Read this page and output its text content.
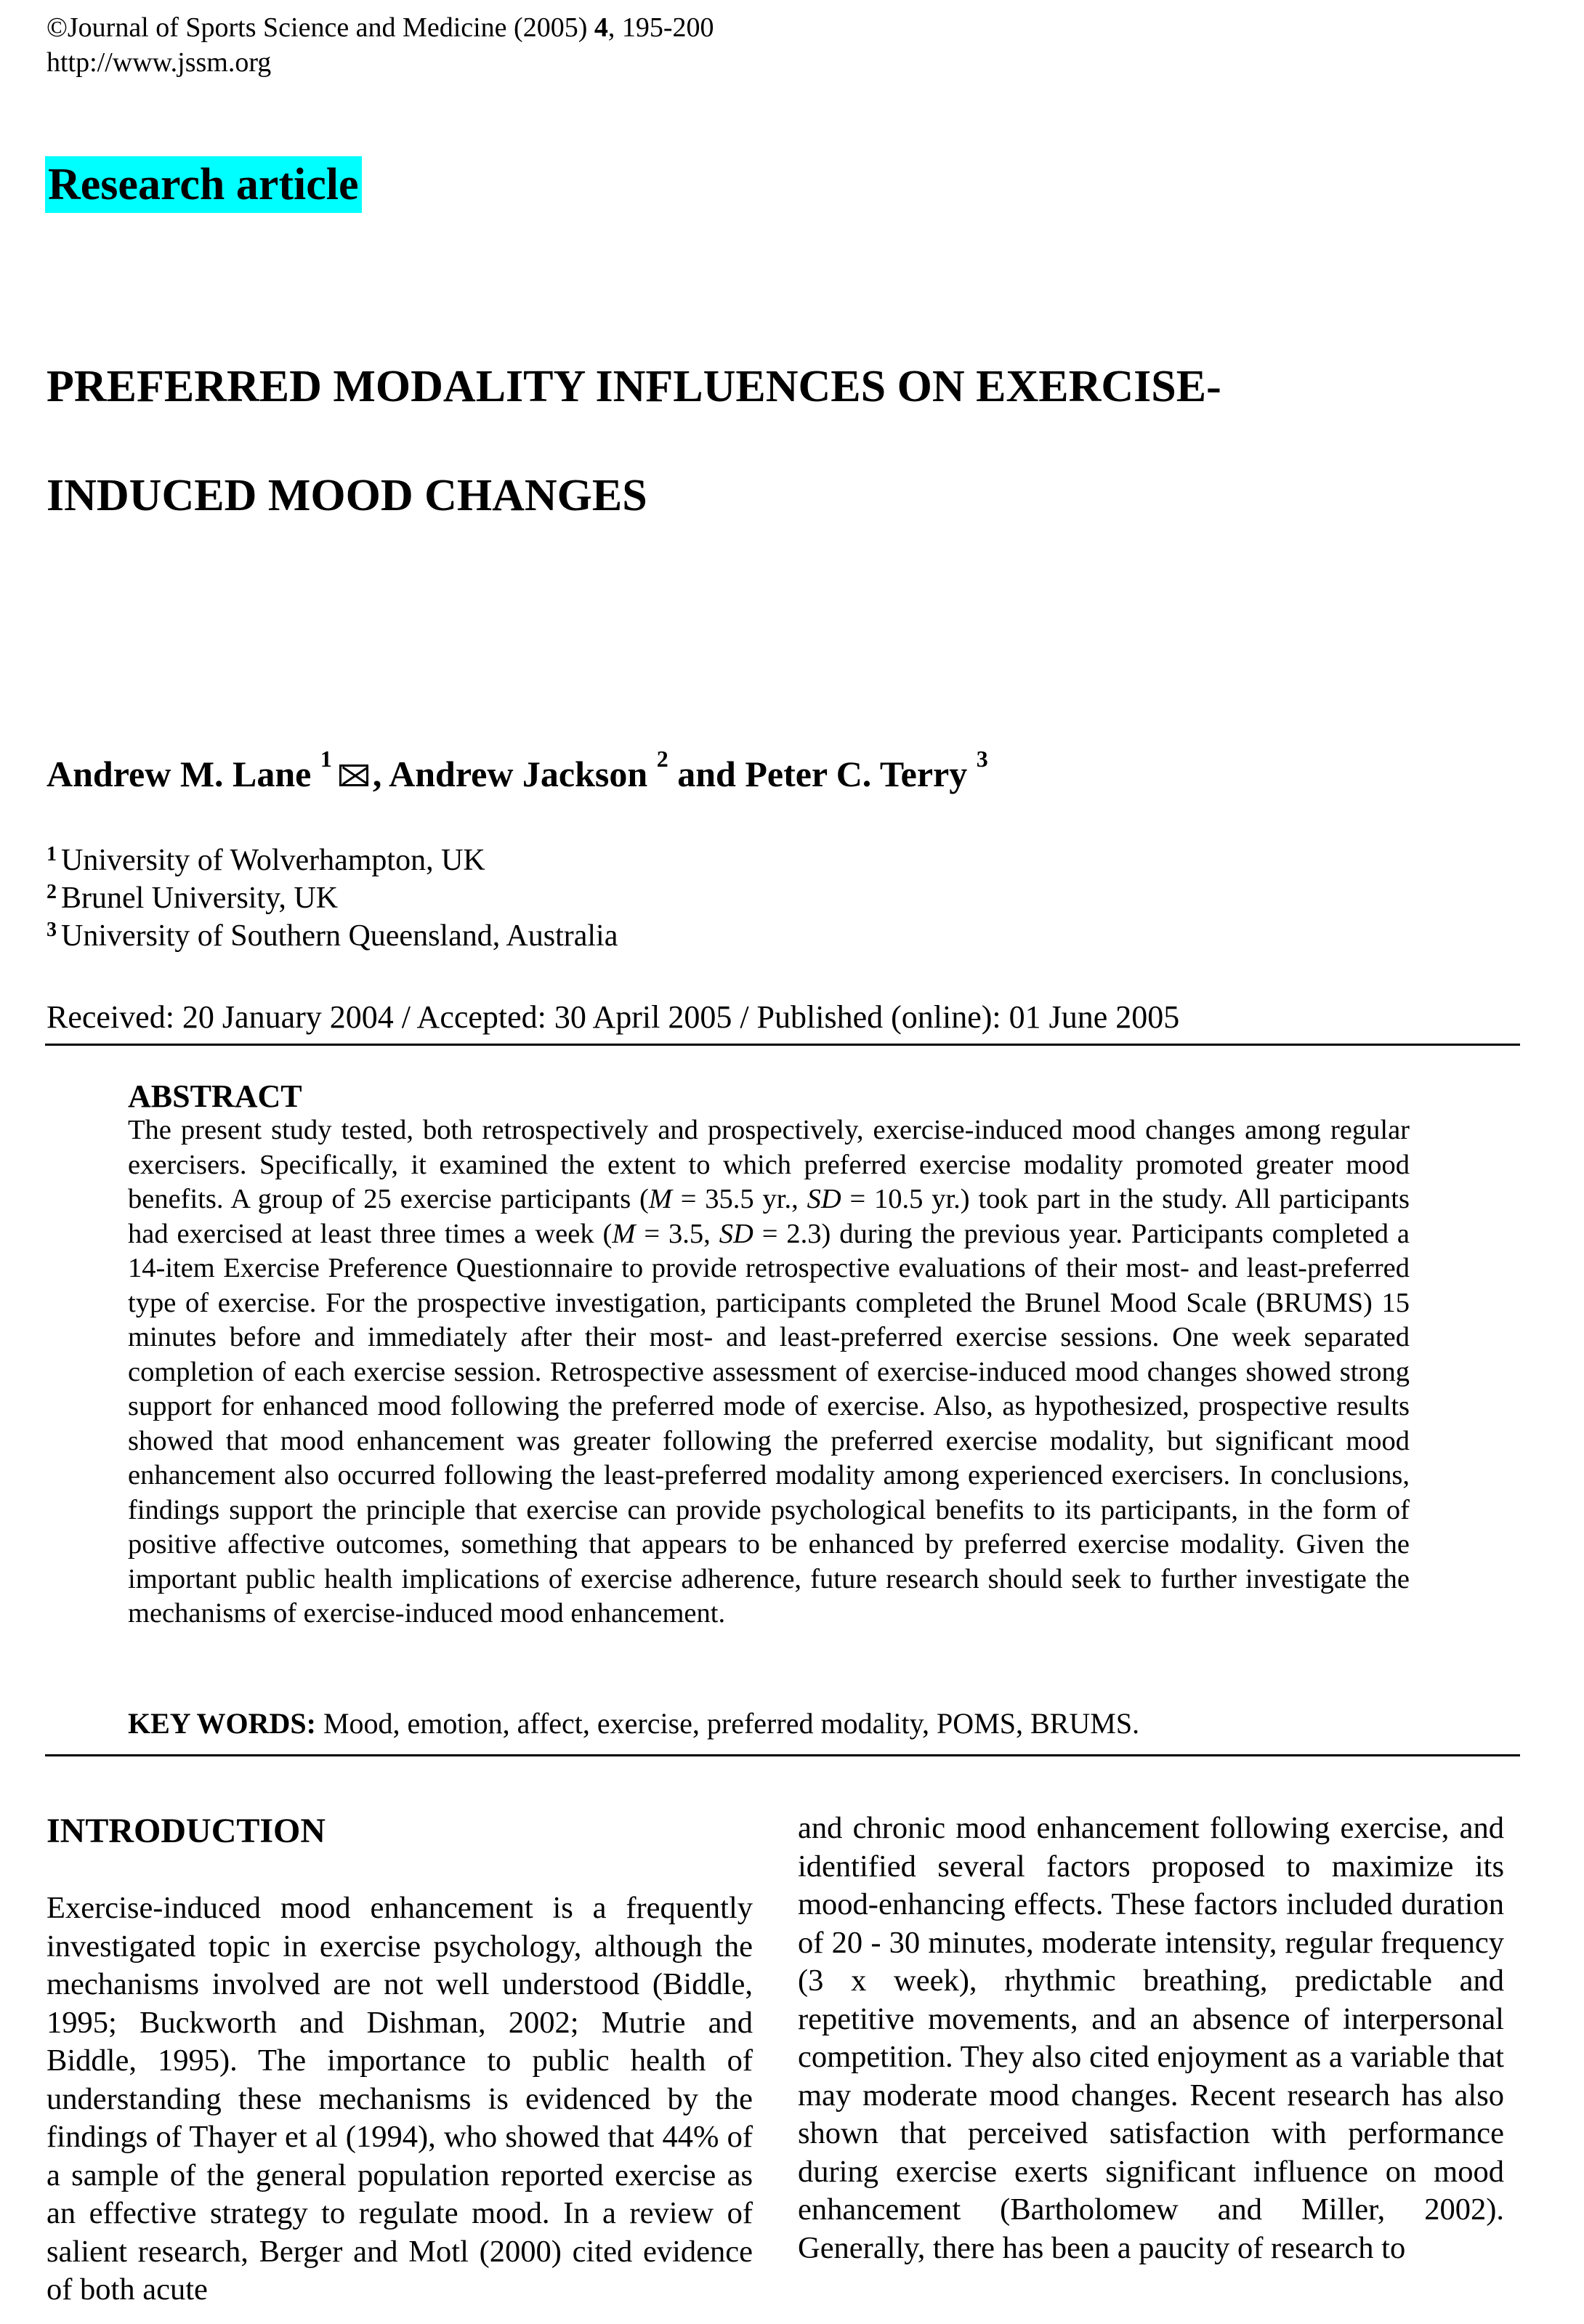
©Journal of Sports Science and Medicine (2005) 4, 195-200
http://www.jssm.org
Research article
PREFERRED MODALITY INFLUENCES ON EXERCISE-
INDUCED MOOD CHANGES
Andrew M. Lane $^1$ , Andrew Jackson $^2$ and Peter C. Terry $^3$
$^1$ University of Wolverhampton, UK
$^2$ Brunel University, UK
$^3$ University of Southern Queensland, Australia
Received: 20 January 2004 / Accepted: 30 April 2005 / Published (online): 01 June 2005
ABSTRACT
The present study tested, both retrospectively and prospectively, exercise-induced mood changes among regular exercisers. Specifically, it examined the extent to which preferred exercise modality promoted greater mood benefits. A group of 25 exercise participants (M = 35.5 yr., SD = 10.5 yr.) took part in the study. All participants had exercised at least three times a week (M = 3.5, SD = 2.3) during the previous year. Participants completed a 14-item Exercise Preference Questionnaire to provide retrospective evaluations of their most- and least-preferred type of exercise. For the prospective investigation, participants completed the Brunel Mood Scale (BRUMS) 15 minutes before and immediately after their most- and least-preferred exercise sessions. One week separated completion of each exercise session. Retrospective assessment of exercise-induced mood changes showed strong support for enhanced mood following the preferred mode of exercise. Also, as hypothesized, prospective results showed that mood enhancement was greater following the preferred exercise modality, but significant mood enhancement also occurred following the least-preferred modality among experienced exercisers. In conclusions, findings support the principle that exercise can provide psychological benefits to its participants, in the form of positive affective outcomes, something that appears to be enhanced by preferred exercise modality. Given the important public health implications of exercise adherence, future research should seek to further investigate the mechanisms of exercise-induced mood enhancement.
KEY WORDS: Mood, emotion, affect, exercise, preferred modality, POMS, BRUMS.
INTRODUCTION
Exercise-induced mood enhancement is a frequently investigated topic in exercise psychology, although the mechanisms involved are not well understood (Biddle, 1995; Buckworth and Dishman, 2002; Mutrie and Biddle, 1995). The importance to public health of understanding these mechanisms is evidenced by the findings of Thayer et al (1994), who showed that 44% of a sample of the general population reported exercise as an effective strategy to regulate mood. In a review of salient research, Berger and Motl (2000) cited evidence of both acute
and chronic mood enhancement following exercise, and identified several factors proposed to maximize its mood-enhancing effects. These factors included duration of 20 - 30 minutes, moderate intensity, regular frequency (3 x week), rhythmic breathing, predictable and repetitive movements, and an absence of interpersonal competition. They also cited enjoyment as a variable that may moderate mood changes. Recent research has also shown that perceived satisfaction with performance during exercise exerts significant influence on mood enhancement (Bartholomew and Miller, 2002). Generally, there has been a paucity of research to
